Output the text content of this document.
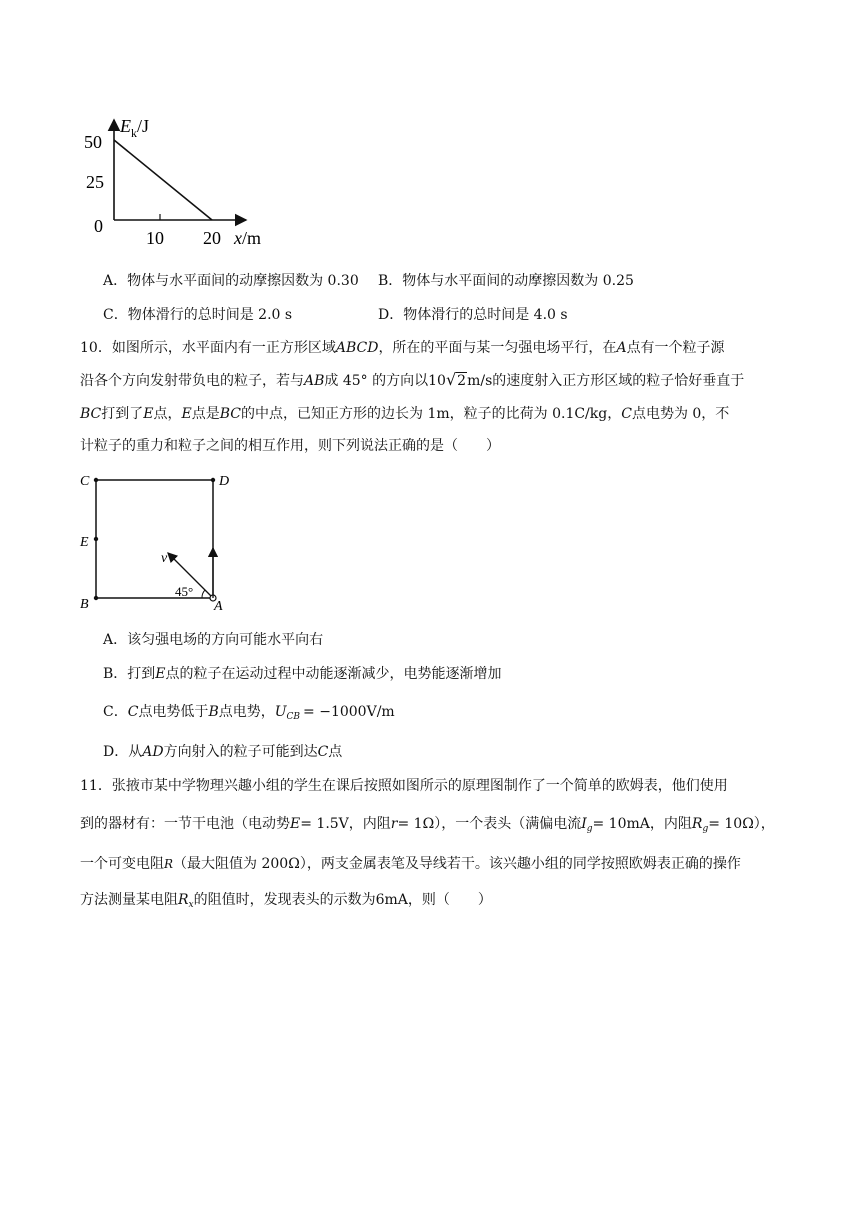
50
25
0
10 20
$E_k/J$
x/m
A．物体与水平面间的动摩擦因数为 0.30 B．物体与水平面间的动摩擦因数为 0.25
C．物体滑行的总时间是 2.0 s	D．物体滑行的总时间是 4.0 s
10．如图所示，水平面内有一正方形区域ABCD，所在的平面与某一匀强电场平行，在A点有一个粒子源
沿各个方向发射带负电的粒子，若与AB成 45° 的方向以10√2m/s的速度射入正方形区域的粒子恰好垂直于
BC打到了E点，E点是BC的中点，已知正方形的边长为 1m，粒子的比荷为 0.1C/kg，C点电势为 0，不
计粒子的重力和粒子之间的相互作用，则下列说法正确的是（　　）
C	D
E
B	A
v
45°
A．该匀强电场的方向可能水平向右
B．打到E点的粒子在运动过程中动能逐渐减少，电势能逐渐增加
C．C点电势低于B点电势，$U_{CB} = -1000V/m$
D．从AD方向射入的粒子可能到达C点
11．张掖市某中学物理兴趣小组的学生在课后按照如图所示的原理图制作了一个简单的欧姆表，他们使用
到的器材有：一节干电池（电动势E= 1.5V，内阻r= 1Ω），一个表头（满偏电流$I_g= 10mA$，内阻$R_g= 10\Omega$），
一个可变电阻R（最大阻值为 200Ω），两支金属表笔及导线若干。该兴趣小组的同学按照欧姆表正确的操作
方法测量某电阻$R_x$的阻值时，发现表头的示数为6mA，则（　　）
